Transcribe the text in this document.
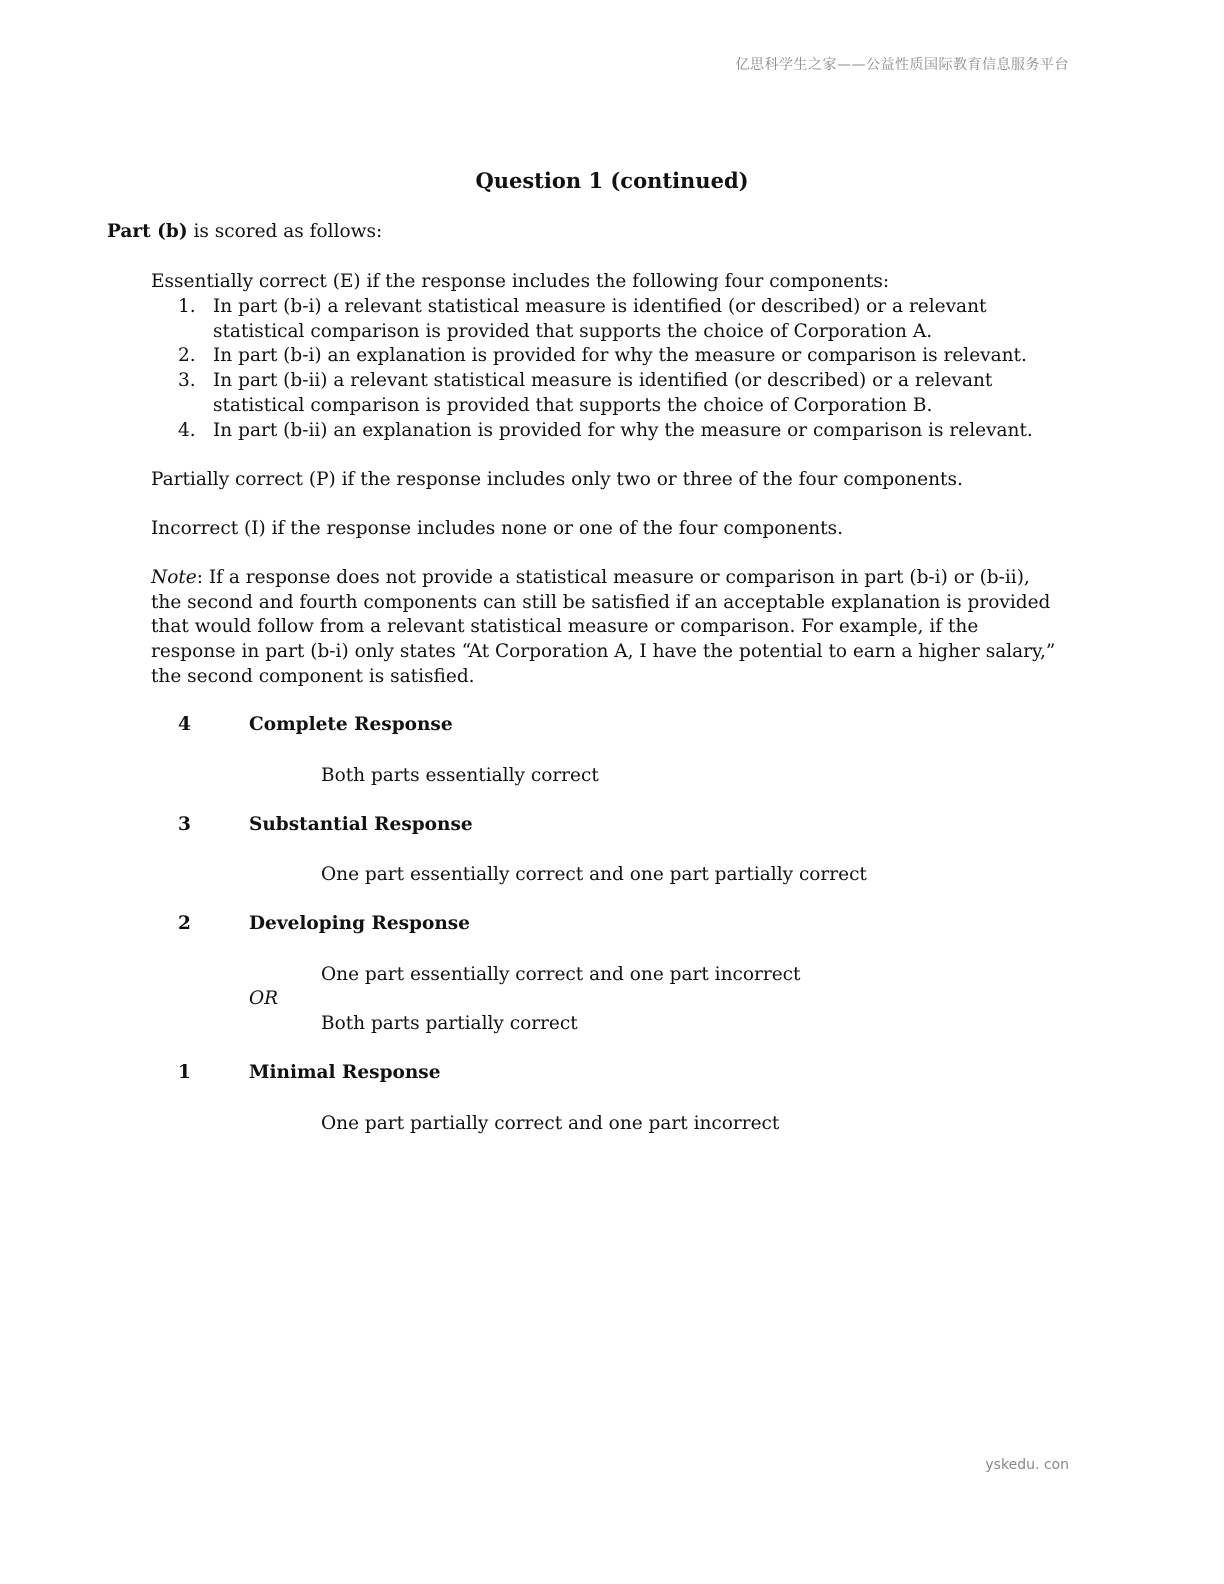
亿思科学生之家——公益性质国际教育信息服务平台
Question 1 (continued)
Part (b) is scored as follows:
Essentially correct (E) if the response includes the following four components:
1. In part (b-i) a relevant statistical measure is identified (or described) or a relevant statistical comparison is provided that supports the choice of Corporation A.
2. In part (b-i) an explanation is provided for why the measure or comparison is relevant.
3. In part (b-ii) a relevant statistical measure is identified (or described) or a relevant statistical comparison is provided that supports the choice of Corporation B.
4. In part (b-ii) an explanation is provided for why the measure or comparison is relevant.
Partially correct (P) if the response includes only two or three of the four components.
Incorrect (I) if the response includes none or one of the four components.
Note: If a response does not provide a statistical measure or comparison in part (b-i) or (b-ii), the second and fourth components can still be satisfied if an acceptable explanation is provided that would follow from a relevant statistical measure or comparison. For example, if the response in part (b-i) only states “At Corporation A, I have the potential to earn a higher salary,” the second component is satisfied.
4	Complete Response
Both parts essentially correct
3	Substantial Response
One part essentially correct and one part partially correct
2	Developing Response
One part essentially correct and one part incorrect
OR
Both parts partially correct
1	Minimal Response
One part partially correct and one part incorrect
yskedu. con
